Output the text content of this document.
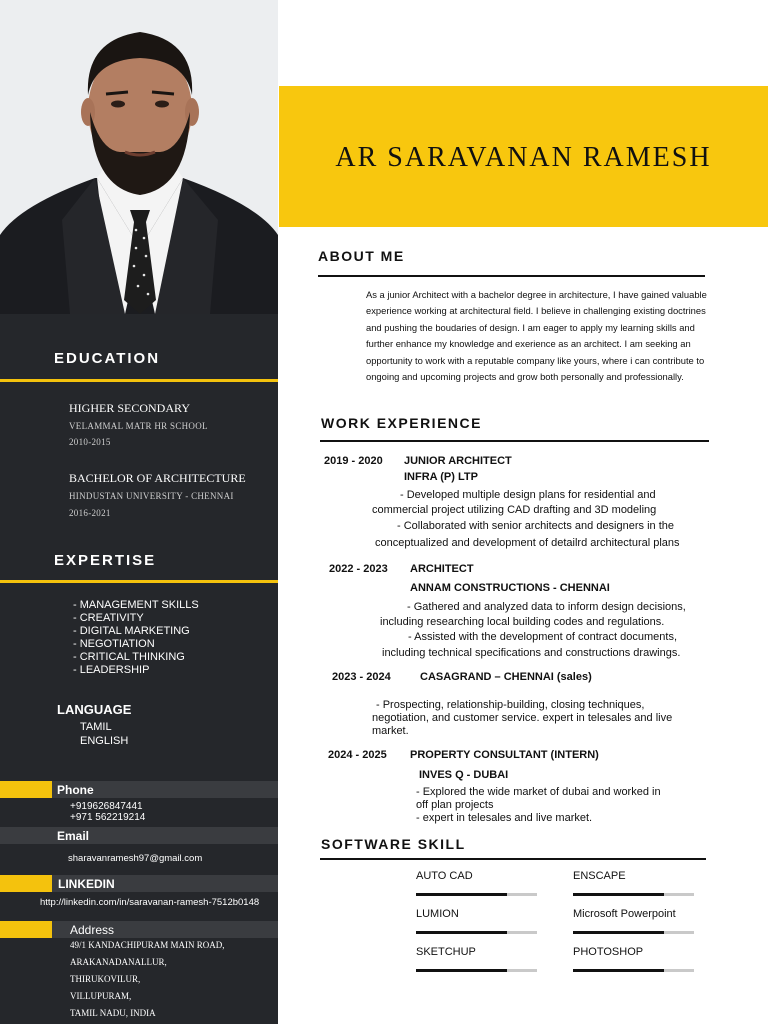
EDUCATION
HIGHER SECONDARY
VELAMMAL MATR HR SCHOOL
2010-2015
BACHELOR OF ARCHITECTURE
HINDUSTAN UNIVERSITY - CHENNAI
2016-2021
EXPERTISE
- MANAGEMENT SKILLS
- CREATIVITY
- DIGITAL MARKETING
- NEGOTIATION
- CRITICAL THINKING
- LEADERSHIP
LANGUAGE
TAMIL
ENGLISH
Phone
+919626847441
+971 562219214
Email
sharavanramesh97@gmail.com
LINKEDIN
http://linkedin.com/in/saravanan-ramesh-7512b0148
Address
49/1 KANDACHIPURAM MAIN ROAD,
ARAKANADANALLUR,
THIRUKOVILUR,
VILLUPURAM,
TAMIL NADU, INDIA
AR SARAVANAN RAMESH
ABOUT ME
As a junior Architect with a bachelor degree in architecture, I have gained valuable experience working at architectural field. I believe in challenging existing doctrines and pushing the boudaries of design. I am eager to apply my learning skills and further enhance my knowledge and exerience as an architect. I am seeking an opportunity to work with a reputable company like yours, where i can contribute to ongoing and upcoming projects and grow both personally and professionally.
WORK EXPERIENCE
2019 - 2020 JUNIOR ARCHITECT
INFRA (P) LTP
- Developed multiple design plans for residential and
commercial project utilizing CAD drafting and 3D modeling
- Collaborated with senior architects and designers in the
conceptualized and development of detailrd architectural plans
2022 - 2023 ARCHITECT
ANNAM CONSTRUCTIONS - CHENNAI
- Gathered and analyzed data to inform design decisions,
including researching local building codes and regulations.
- Assisted with the development of contract documents,
including technical specifications and constructions drawings.
2023 - 2024	CASAGRAND – CHENNAI (sales)
- Prospecting, relationship-building, closing techniques,
negotiation, and customer service. expert in telesales and live
market.
2024 - 2025 PROPERTY CONSULTANT (INTERN)
INVES Q - DUBAI
- Explored the wide market of dubai and worked in
off plan projects
- expert in telesales and live market.
SOFTWARE SKILL
AUTO CAD	ENSCAPE
LUMION	Microsoft Powerpoint
SKETCHUP	PHOTOSHOP
